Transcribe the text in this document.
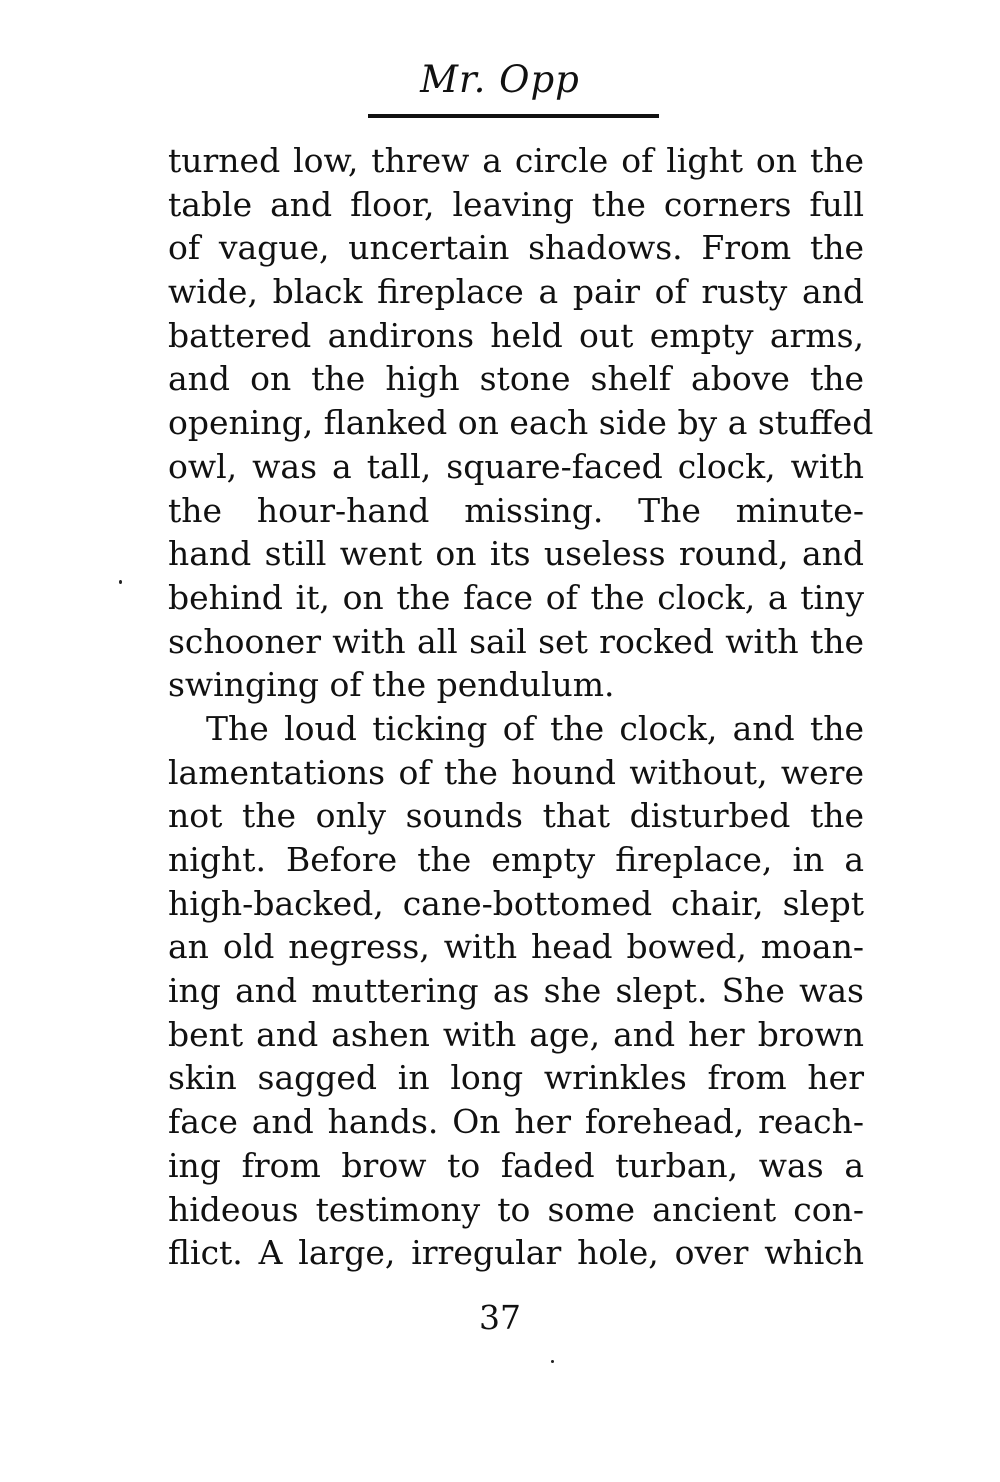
Mr. Opp
turned low, threw a circle of light on the
table and floor, leaving the corners full
of vague, uncertain shadows. From the
wide, black fireplace a pair of rusty and
battered andirons held out empty arms,
and on the high stone shelf above the
opening, flanked on each side by a stuffed
owl, was a tall, square-faced clock, with
the hour-hand missing. The minute-
hand still went on its useless round, and
behind it, on the face of the clock, a tiny
schooner with all sail set rocked with the
swinging of the pendulum.
The loud ticking of the clock, and the
lamentations of the hound without, were
not the only sounds that disturbed the
night. Before the empty fireplace, in a
high-backed, cane-bottomed chair, slept
an old negress, with head bowed, moan-
ing and muttering as she slept. She was
bent and ashen with age, and her brown
skin sagged in long wrinkles from her
face and hands. On her forehead, reach-
ing from brow to faded turban, was a
hideous testimony to some ancient con-
flict. A large, irregular hole, over which
37
